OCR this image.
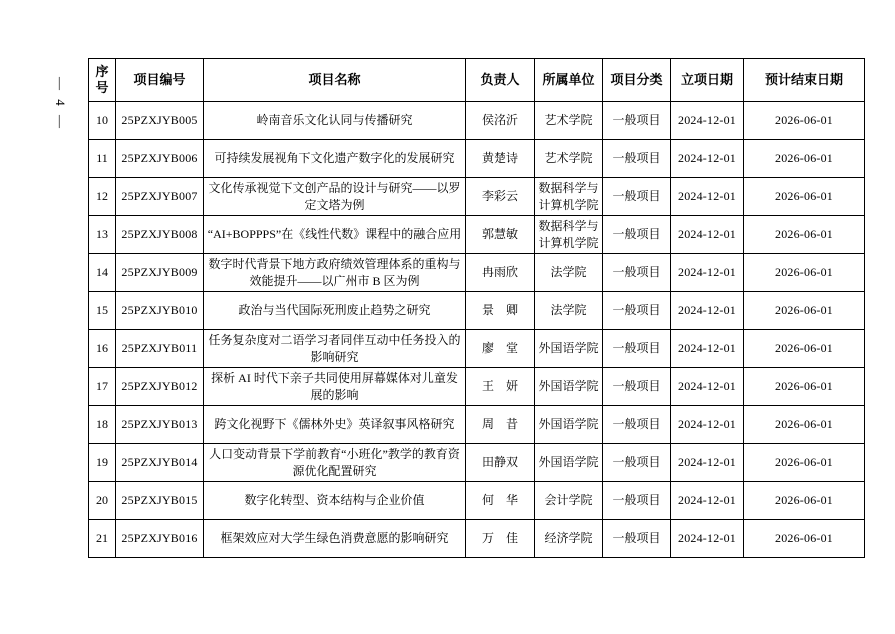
— 4 —
序号	项目编号	项目名称	负责人	所属单位	项目分类	立项日期	预计结束日期
10	25PZXJYB005	岭南音乐文化认同与传播研究	侯洺沂	艺术学院	一般项目	2024-12-01	2026-06-01
11	25PZXJYB006	可持续发展视角下文化遗产数字化的发展研究	黄楚诗	艺术学院	一般项目	2024-12-01	2026-06-01
12	25PZXJYB007	文化传承视觉下文创产品的设计与研究——以罗定文塔为例	李彩云	数据科学与计算机学院	一般项目	2024-12-01	2026-06-01
13	25PZXJYB008	“AI+BOPPPS”在《线性代数》课程中的融合应用	郭慧敏	数据科学与计算机学院	一般项目	2024-12-01	2026-06-01
14	25PZXJYB009	数字时代背景下地方政府绩效管理体系的重构与效能提升——以广州市 B 区为例	冉雨欣	法学院	一般项目	2024-12-01	2026-06-01
15	25PZXJYB010	政治与当代国际死刑废止趋势之研究	景　卿	法学院	一般项目	2024-12-01	2026-06-01
16	25PZXJYB011	任务复杂度对二语学习者同伴互动中任务投入的影响研究	廖　堂	外国语学院	一般项目	2024-12-01	2026-06-01
17	25PZXJYB012	探析 AI 时代下亲子共同使用屏幕媒体对儿童发展的影响	王　妍	外国语学院	一般项目	2024-12-01	2026-06-01
18	25PZXJYB013	跨文化视野下《儒林外史》英译叙事风格研究	周　昔	外国语学院	一般项目	2024-12-01	2026-06-01
19	25PZXJYB014	人口变动背景下学前教育“小班化”教学的教育资源优化配置研究	田静双	外国语学院	一般项目	2024-12-01	2026-06-01
20	25PZXJYB015	数字化转型、资本结构与企业价值	何　华	会计学院	一般项目	2024-12-01	2026-06-01
21	25PZXJYB016	框架效应对大学生绿色消费意愿的影响研究	万　佳	经济学院	一般项目	2024-12-01	2026-06-01
